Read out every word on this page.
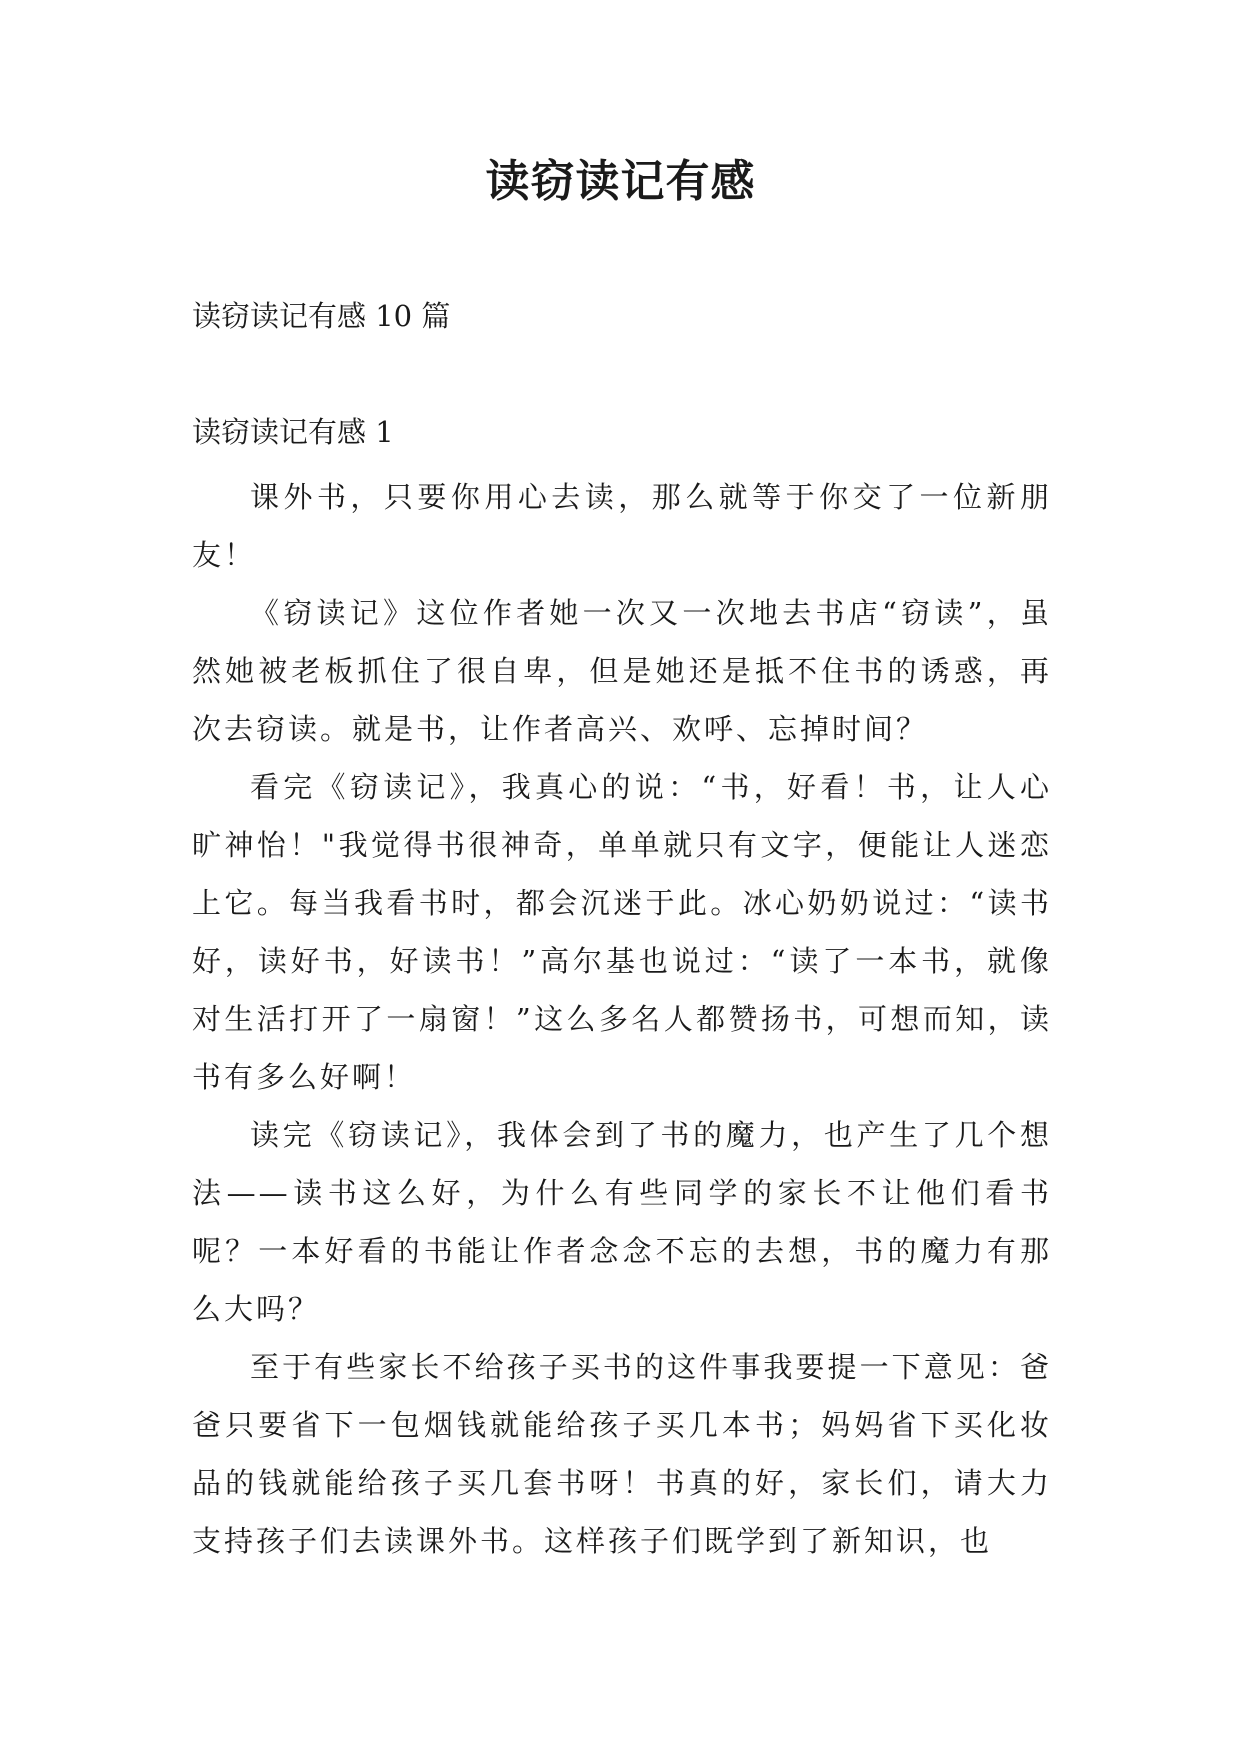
读窃读记有感

读窃读记有感 10 篇

读窃读记有感 1

课外书，只要你用心去读，那么就等于你交了一位新朋友！

《窃读记》这位作者她一次又一次地去书店“窃读”，虽然她被老板抓住了很自卑，但是她还是抵不住书的诱惑，再次去窃读。就是书，让作者高兴、欢呼、忘掉时间？

看完《窃读记》，我真心的说：“书，好看！书，让人心旷神怡！"我觉得书很神奇，单单就只有文字，便能让人迷恋上它。每当我看书时，都会沉迷于此。冰心奶奶说过：“读书好，读好书，好读书！”高尔基也说过：“读了一本书，就像对生活打开了一扇窗！”这么多名人都赞扬书，可想而知，读书有多么好啊！

读完《窃读记》，我体会到了书的魔力，也产生了几个想法——读书这么好，为什么有些同学的家长不让他们看书呢？一本好看的书能让作者念念不忘的去想，书的魔力有那么大吗？

至于有些家长不给孩子买书的这件事我要提一下意见：爸爸只要省下一包烟钱就能给孩子买几本书；妈妈省下买化妆品的钱就能给孩子买几套书呀！书真的好，家长们，请大力支持孩子们去读课外书。这样孩子们既学到了新知识，也
